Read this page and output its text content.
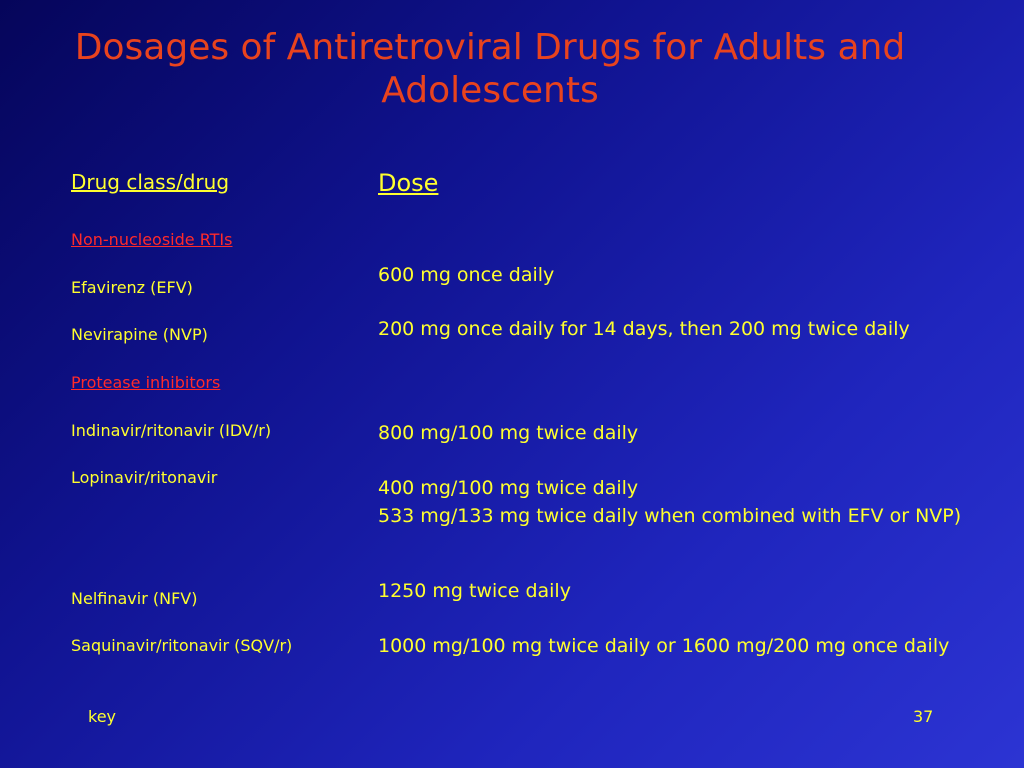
Dosages of Antiretroviral Drugs for Adults and Adolescents
Drug class/drug	Dose
Non-nucleoside RTIs
Efavirenz (EFV)
Nevirapine (NVP)
Protease inhibitors
Indinavir/ritonavir (IDV/r)
Lopinavir/ritonavir
Nelfinavir (NFV)
Saquinavir/ritonavir (SQV/r)
600 mg once daily
200 mg once daily for 14 days, then 200 mg twice daily
800 mg/100 mg twice daily
400 mg/100 mg twice daily
533 mg/133 mg twice daily when combined with EFV or NVP)
1250 mg twice daily
1000 mg/100 mg twice daily or 1600 mg/200 mg once daily
key	37
